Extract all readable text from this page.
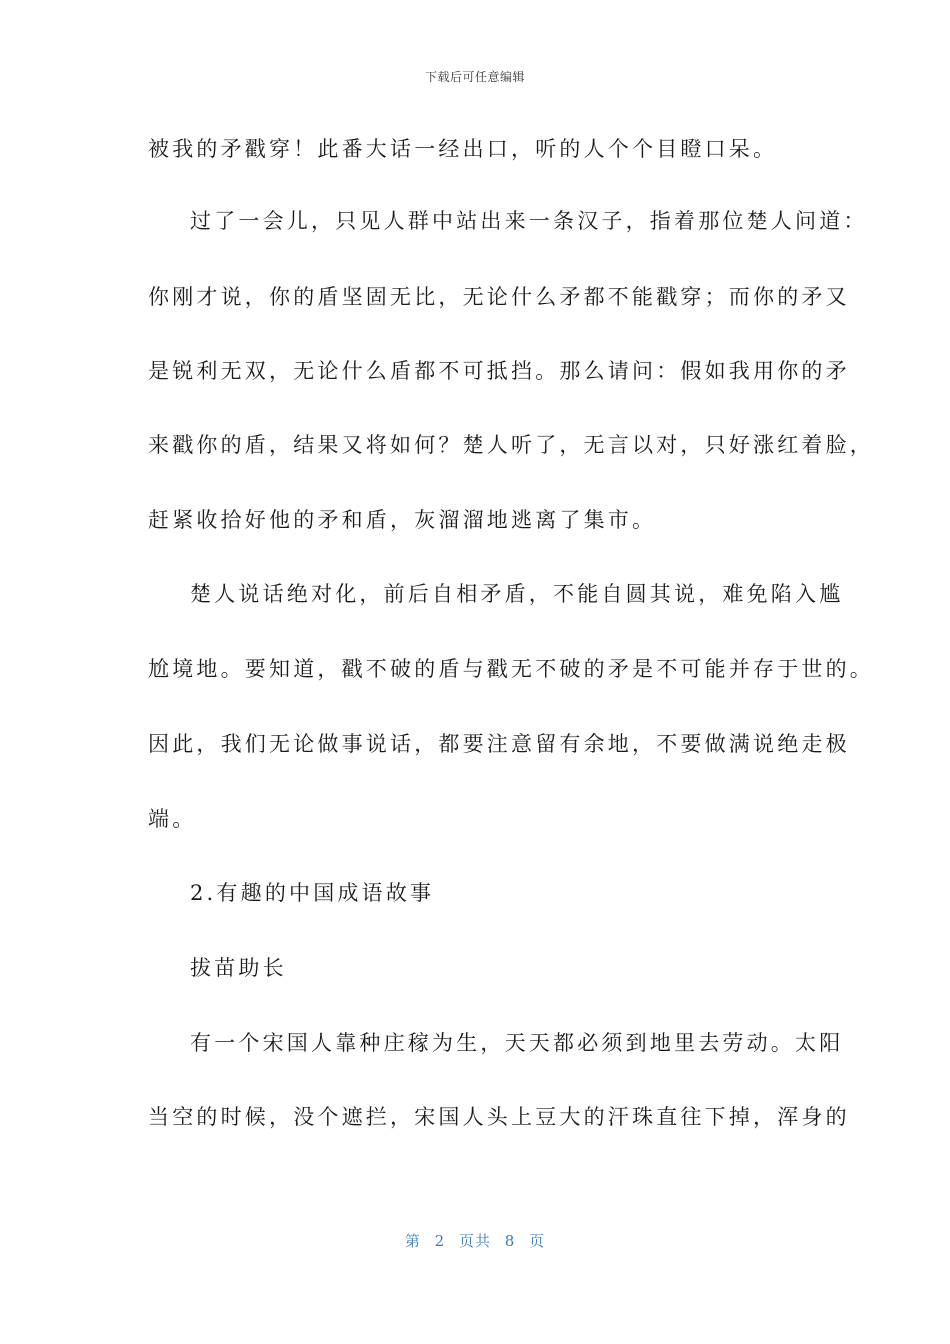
下载后可任意编辑
被我的矛戳穿！此番大话一经出口，听的人个个目瞪口呆。
过了一会儿，只见人群中站出来一条汉子，指着那位楚人问道：
你刚才说，你的盾坚固无比，无论什么矛都不能戳穿；而你的矛又
是锐利无双，无论什么盾都不可抵挡。那么请问：假如我用你的矛
来戳你的盾，结果又将如何？楚人听了，无言以对，只好涨红着脸，
赶紧收拾好他的矛和盾，灰溜溜地逃离了集市。
楚人说话绝对化，前后自相矛盾，不能自圆其说，难免陷入尴
尬境地。要知道，戳不破的盾与戳无不破的矛是不可能并存于世的。
因此，我们无论做事说话，都要注意留有余地，不要做满说绝走极
端。
2.有趣的中国成语故事
拔苗助长
有一个宋国人靠种庄稼为生，天天都必须到地里去劳动。太阳
当空的时候，没个遮拦，宋国人头上豆大的汗珠直往下掉，浑身的
第 2 页共 8 页
